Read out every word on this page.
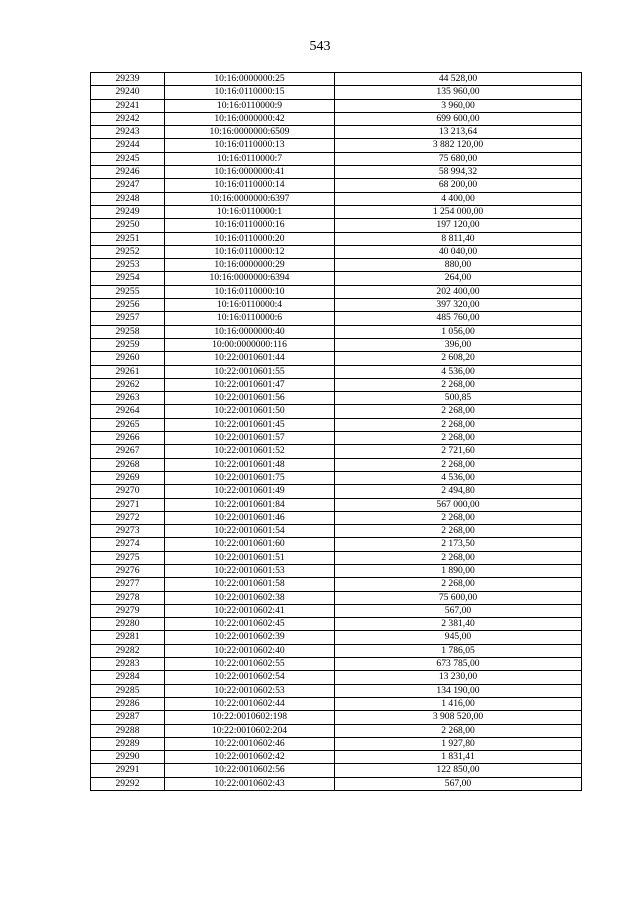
543
29239	10:16:0000000:25	44 528,00
29240	10:16:0110000:15	135 960,00
29241	10:16:0110000:9	3 960,00
29242	10:16:0000000:42	699 600,00
29243	10:16:0000000:6509	13 213,64
29244	10:16:0110000:13	3 882 120,00
29245	10:16:0110000:7	75 680,00
29246	10:16:0000000:41	58 994,32
29247	10:16:0110000:14	68 200,00
29248	10:16:0000000:6397	4 400,00
29249	10:16:0110000:1	1 254 000,00
29250	10:16:0110000:16	197 120,00
29251	10:16:0110000:20	8 811,40
29252	10:16:0110000:12	40 040,00
29253	10:16:0000000:29	880,00
29254	10:16:0000000:6394	264,00
29255	10:16:0110000:10	202 400,00
29256	10:16:0110000:4	397 320,00
29257	10:16:0110000:6	485 760,00
29258	10:16:0000000:40	1 056,00
29259	10:00:0000000:116	396,00
29260	10:22:0010601:44	2 608,20
29261	10:22:0010601:55	4 536,00
29262	10:22:0010601:47	2 268,00
29263	10:22:0010601:56	500,85
29264	10:22:0010601:50	2 268,00
29265	10:22:0010601:45	2 268,00
29266	10:22:0010601:57	2 268,00
29267	10:22:0010601:52	2 721,60
29268	10:22:0010601:48	2 268,00
29269	10:22:0010601:75	4 536,00
29270	10:22:0010601:49	2 494,80
29271	10:22:0010601:84	567 000,00
29272	10:22:0010601:46	2 268,00
29273	10:22:0010601:54	2 268,00
29274	10:22:0010601:60	2 173,50
29275	10:22:0010601:51	2 268,00
29276	10:22:0010601:53	1 890,00
29277	10:22:0010601:58	2 268,00
29278	10:22:0010602:38	75 600,00
29279	10:22:0010602:41	567,00
29280	10:22:0010602:45	2 381,40
29281	10:22:0010602:39	945,00
29282	10:22:0010602:40	1 786,05
29283	10:22:0010602:55	673 785,00
29284	10:22:0010602:54	13 230,00
29285	10:22:0010602:53	134 190,00
29286	10:22:0010602:44	1 416,00
29287	10:22:0010602:198	3 908 520,00
29288	10:22:0010602:204	2 268,00
29289	10:22:0010602:46	1 927,80
29290	10:22:0010602:42	1 831,41
29291	10:22:0010602:56	122 850,00
29292	10:22:0010602:43	567,00
